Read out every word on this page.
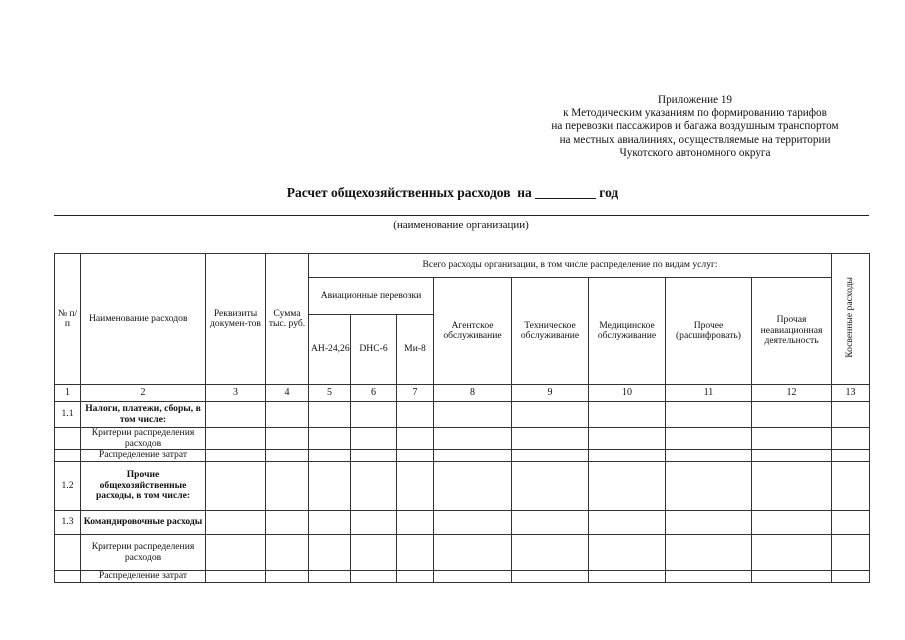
Приложение 19
к Методическим указаниям по формированию тарифов
на перевозки пассажиров и багажа воздушным транспортом
на местных авиалиниях, осуществляемые на территории
Чукотского автономного округа
Расчет общехозяйственных расходов  на _________ год
(наименование организации)
№ п/п	Наименование расходов	Реквизиты докумен-тов	Сумма тыс. руб.	Всего расходы организации, в том числе распределение по видам услуг:								Косвенные расходы
				Авиационные перевозки			Агентское обслуживание	Техническое обслуживание	Медицинское обслуживание	Прочее (расшифровать)	Прочая неавиационная деятельность	
				АН-24,26	DHC-6	Ми-8						
1	2	3	4	5	6	7	8	9	10	11	12	13
1.1	Налоги, платежи, сборы, в том числе:											
	Критерии распределения расходов											
	Распределение затрат											
1.2	Прочие общехозяйственные расходы, в том числе:											
1.3	Командировочные расходы											
	Критерии распределения расходов											
	Распределение затрат											
